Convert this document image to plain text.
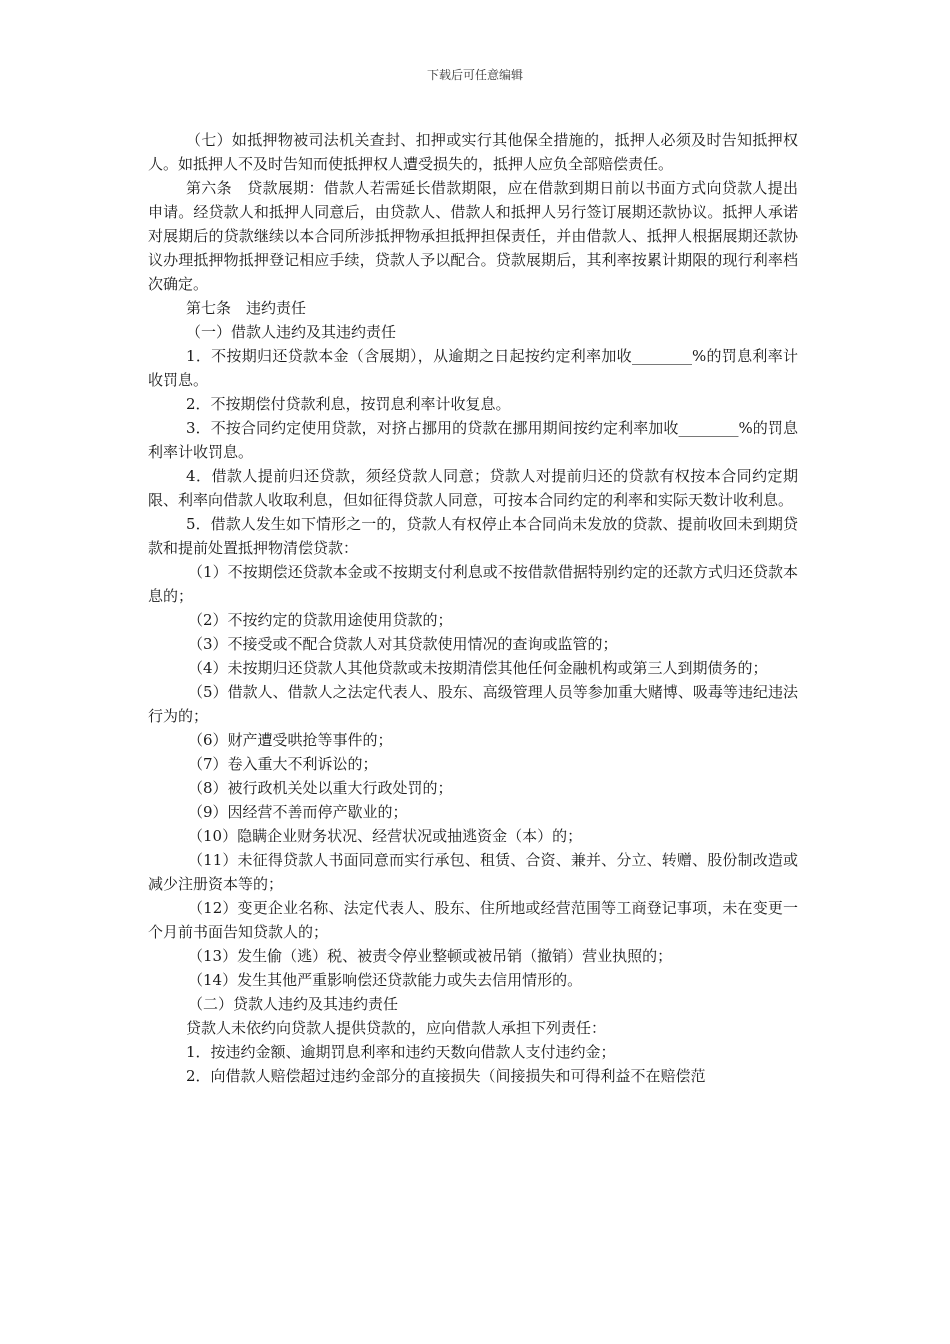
下载后可任意编辑

（七）如抵押物被司法机关查封、扣押或实行其他保全措施的，抵押人必须及时告知抵押权人。如抵押人不及时告知而使抵押权人遭受损失的，抵押人应负全部赔偿责任。

第六条　贷款展期：借款人若需延长借款期限，应在借款到期日前以书面方式向贷款人提出申请。经贷款人和抵押人同意后，由贷款人、借款人和抵押人另行签订展期还款协议。抵押人承诺对展期后的贷款继续以本合同所涉抵押物承担抵押担保责任，并由借款人、抵押人根据展期还款协议办理抵押物抵押登记相应手续，贷款人予以配合。贷款展期后，其利率按累计期限的现行利率档次确定。

第七条　违约责任

（一）借款人违约及其违约责任

1．不按期归还贷款本金（含展期），从逾期之日起按约定利率加收________%的罚息利率计收罚息。

2．不按期偿付贷款利息，按罚息利率计收复息。

3．不按合同约定使用贷款，对挤占挪用的贷款在挪用期间按约定利率加收________%的罚息利率计收罚息。

4．借款人提前归还贷款，须经贷款人同意；贷款人对提前归还的贷款有权按本合同约定期限、利率向借款人收取利息，但如征得贷款人同意，可按本合同约定的利率和实际天数计收利息。

5．借款人发生如下情形之一的，贷款人有权停止本合同尚未发放的贷款、提前收回未到期贷款和提前处置抵押物清偿贷款：

（1）不按期偿还贷款本金或不按期支付利息或不按借款借据特别约定的还款方式归还贷款本息的；

（2）不按约定的贷款用途使用贷款的；

（3）不接受或不配合贷款人对其贷款使用情况的查询或监管的；

（4）未按期归还贷款人其他贷款或未按期清偿其他任何金融机构或第三人到期债务的；

（5）借款人、借款人之法定代表人、股东、高级管理人员等参加重大赌博、吸毒等违纪违法行为的；

（6）财产遭受哄抢等事件的；

（7）卷入重大不利诉讼的；

（8）被行政机关处以重大行政处罚的；

（9）因经营不善而停产歇业的；

（10）隐瞒企业财务状况、经营状况或抽逃资金（本）的；

（11）未征得贷款人书面同意而实行承包、租赁、合资、兼并、分立、转赠、股份制改造或减少注册资本等的；

（12）变更企业名称、法定代表人、股东、住所地或经营范围等工商登记事项，未在变更一个月前书面告知贷款人的；

（13）发生偷（逃）税、被责令停业整顿或被吊销（撤销）营业执照的；

（14）发生其他严重影响偿还贷款能力或失去信用情形的。

（二）贷款人违约及其违约责任

贷款人未依约向贷款人提供贷款的，应向借款人承担下列责任：

1．按违约金额、逾期罚息利率和违约天数向借款人支付违约金；

2．向借款人赔偿超过违约金部分的直接损失（间接损失和可得利益不在赔偿范
